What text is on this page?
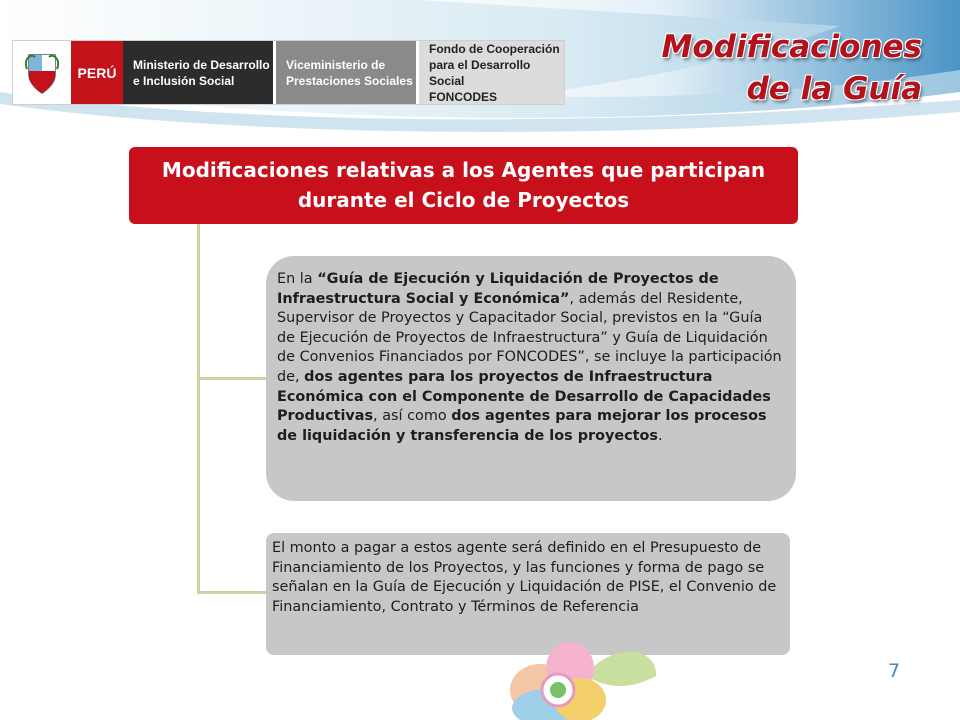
PERÚ	Ministerio de Desarrollo
e Inclusión Social
Viceministerio de
Prestaciones Sociales
Fondo de Cooperación
para el Desarrollo Social
FONCODES
Modificaciones
de la Guía
Modificaciones relativas a los Agentes que participan
durante el Ciclo de Proyectos
En la “Guía de Ejecución y Liquidación de Proyectos de Infraestructura Social y Económica”, además del Residente, Supervisor de Proyectos y Capacitador Social, previstos en la “Guía de Ejecución de Proyectos de Infraestructura” y Guía de Liquidación de Convenios Financiados por FONCODES”, se incluye la participación de, dos agentes para los proyectos de Infraestructura Económica con el Componente de Desarrollo de Capacidades Productivas, así como dos agentes para mejorar los procesos de liquidación y transferencia de los proyectos.
El monto a pagar a estos agente será definido en el Presupuesto de Financiamiento de los Proyectos, y las funciones y forma de pago se señalan en la Guía de Ejecución y Liquidación de PISE, el Convenio de Financiamiento, Contrato y Términos de Referencia
7
